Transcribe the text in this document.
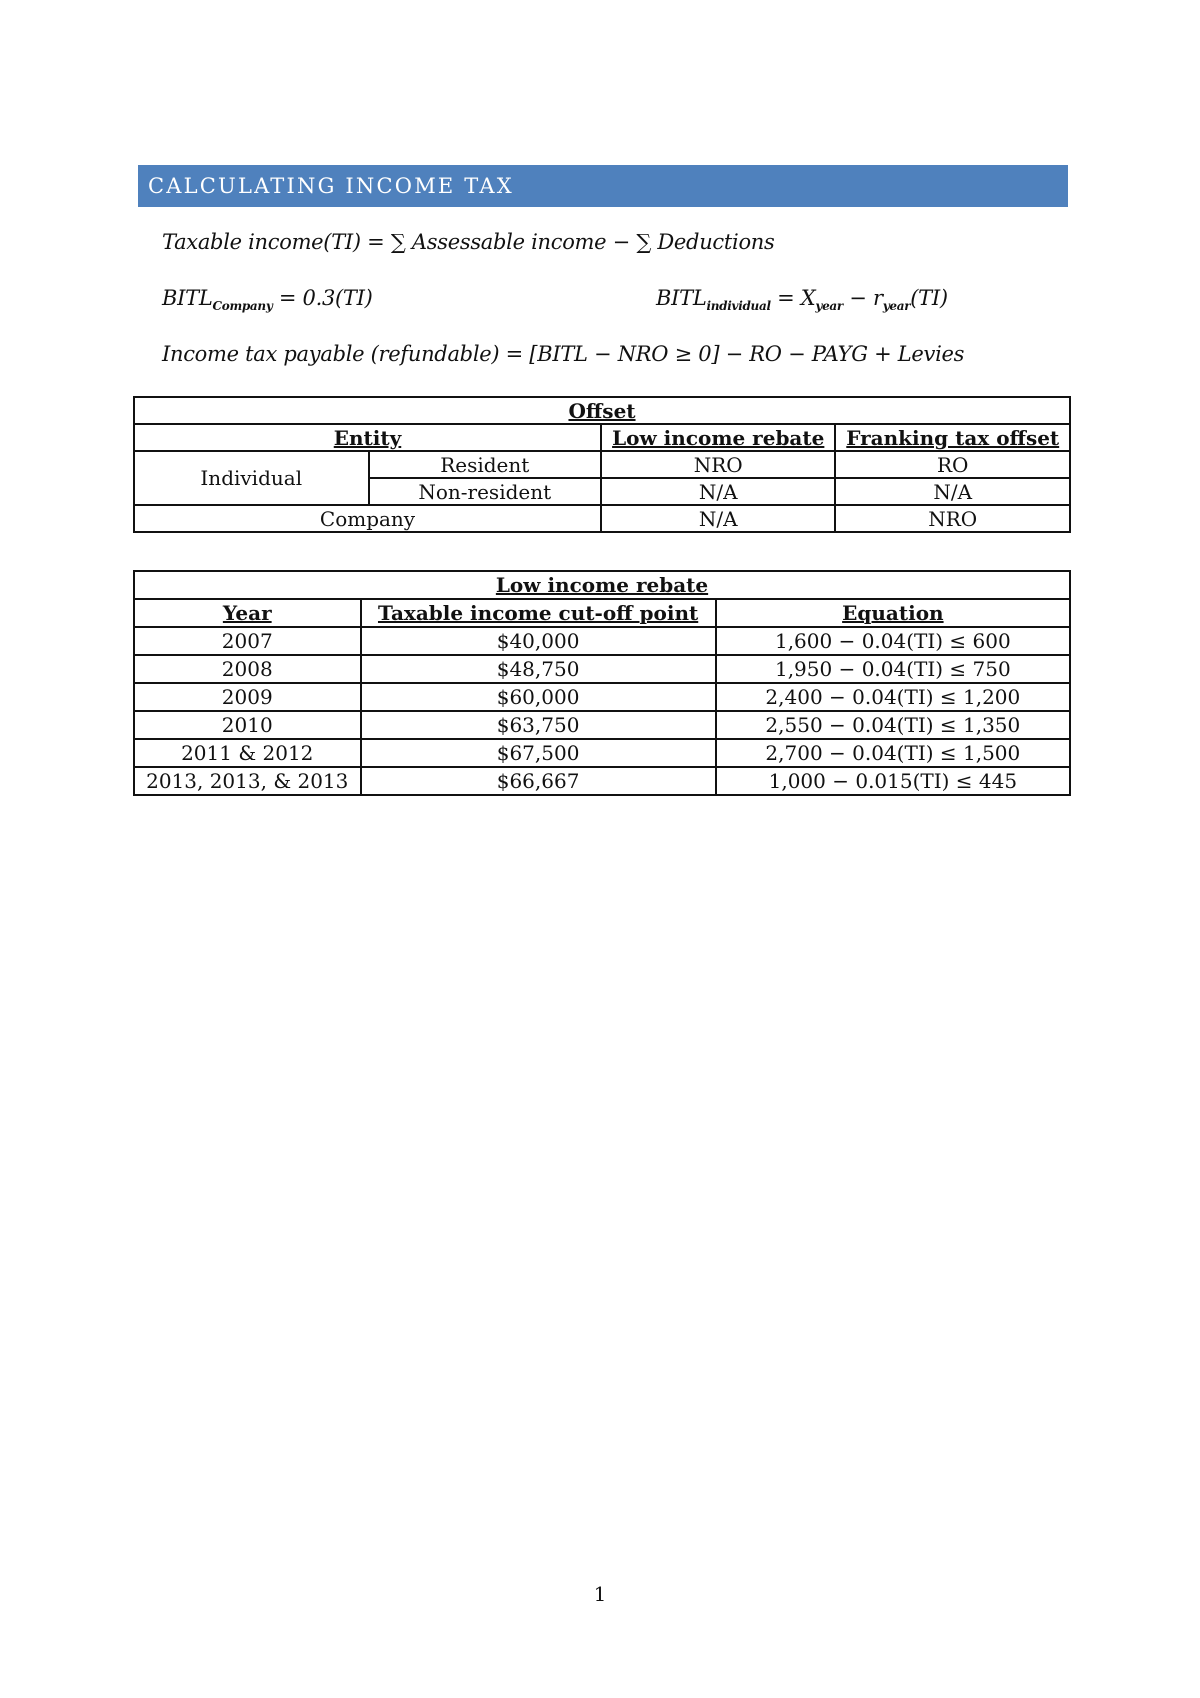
CALCULATING INCOME TAX
Taxable income(TI) = ∑ Assessable income − ∑ Deductions
$BITL_{Company} = 0.3(TI)$	$BITL_{individual} = X_{year} - r_{year}(TI)$
Income tax payable (refundable) = [BITL − NRO ≥ 0] − RO − PAYG + Levies
Offset			
Entity		Low income rebate	Franking tax offset
Individual	Resident	NRO	RO
	Non-resident	N/A	N/A
Company		N/A	NRO
Low income rebate		
Year	Taxable income cut-off point	Equation
2007	$40,000	1,600 − 0.04(TI) ≤ 600
2008	$48,750	1,950 − 0.04(TI) ≤ 750
2009	$60,000	2,400 − 0.04(TI) ≤ 1,200
2010	$63,750	2,550 − 0.04(TI) ≤ 1,350
2011 & 2012	$67,500	2,700 − 0.04(TI) ≤ 1,500
2013, 2013, & 2013	$66,667	1,000 − 0.015(TI) ≤ 445
1
